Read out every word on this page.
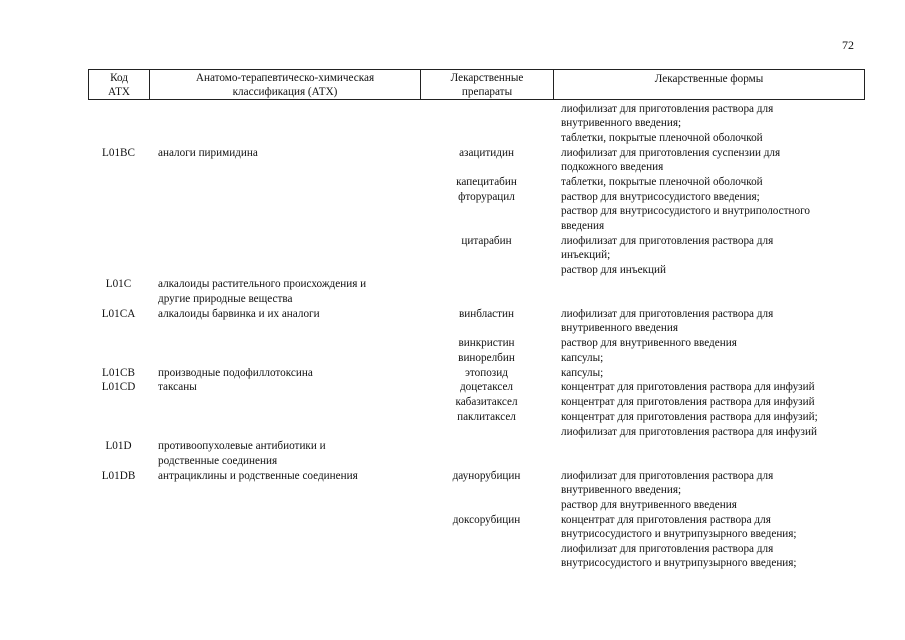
72
Код
АТХ
Анатомо-терапевтическо-химическая
классификация (АТХ)
Лекарственные
препараты
Лекарственные формы
L01BC
L01C
L01CA
L01CB
L01CD
L01D
L01DB
аналоги пиримидина
алкалоиды растительного происхождения и
другие природные вещества
алкалоиды барвинка и их аналоги
производные подофиллотоксина
таксаны
противоопухолевые антибиотики и
родственные соединения
антрациклины и родственные соединения
азацитидин
капецитабин
фторурацил
цитарабин
винбластин
винкристин
винорелбин
этопозид
доцетаксел
кабазитаксел
паклитаксел
даунорубицин
доксорубицин
лиофилизат для приготовления раствора для
внутривенного введения;
таблетки, покрытые пленочной оболочкой
лиофилизат для приготовления суспензии для
подкожного введения
таблетки, покрытые пленочной оболочкой
раствор для внутрисосудистого введения;
раствор для внутрисосудистого и внутриполостного
введения
лиофилизат для приготовления раствора для
инъекций;
раствор для инъекций
лиофилизат для приготовления раствора для
внутривенного введения
раствор для внутривенного введения
капсулы;
капсулы;
концентрат для приготовления раствора для инфузий
концентрат для приготовления раствора для инфузий
концентрат для приготовления раствора для инфузий;
лиофилизат для приготовления раствора для инфузий
лиофилизат для приготовления раствора для
внутривенного введения;
раствор для внутривенного введения
концентрат для приготовления раствора для
внутрисосудистого и внутрипузырного введения;
лиофилизат для приготовления раствора для
внутрисосудистого и внутрипузырного введения;
